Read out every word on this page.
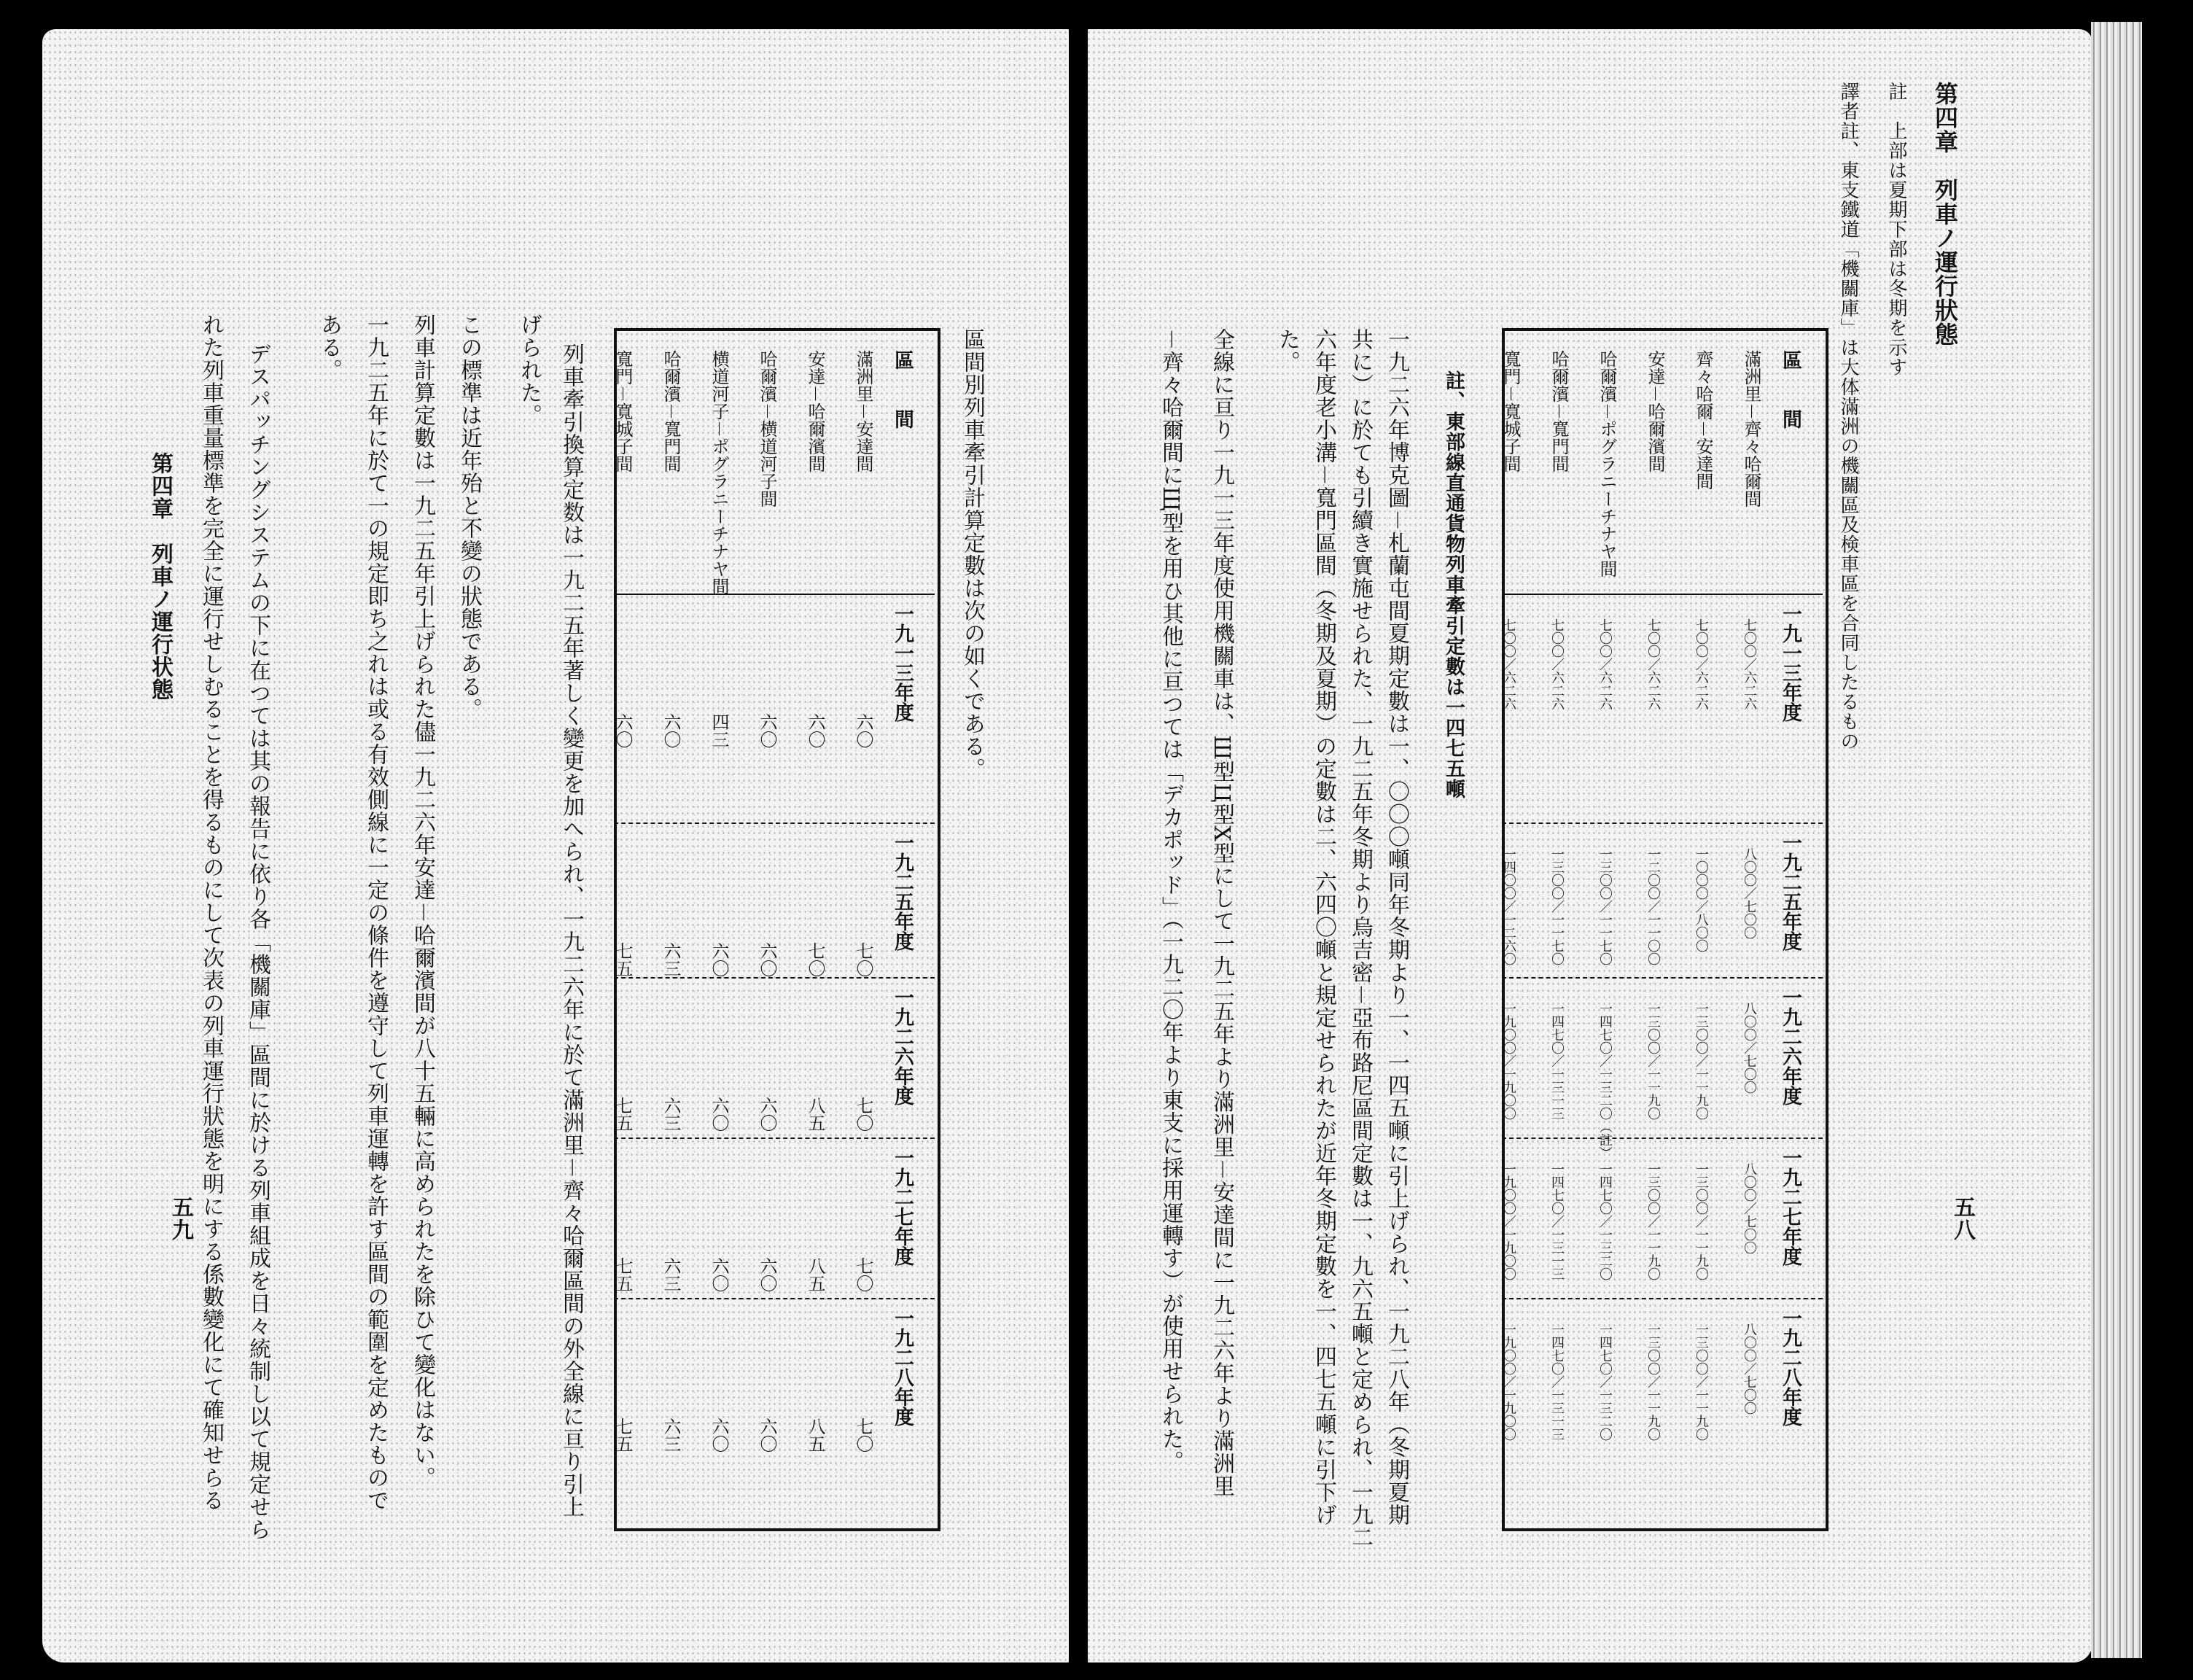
第四章　列車ノ運行狀態
五八
註　上部は夏期下部は冬期を示す
譯者註、東支鐵道「機關庫」は大体滿洲の機關區及検車區を合同したるもの
區　　間
一九一三年度
一九二五年度
一九二六年度
一九二七年度
一九二八年度
滿洲里－齊々哈爾間
七〇〇／六二六
八〇〇／七〇〇
八〇〇／七〇〇
八〇〇／七〇〇
八〇〇／七〇〇
齊々哈爾－安達間
七〇〇／六二六
一〇〇〇／八〇〇
一三〇〇／一一九〇
一三〇〇／一一九〇
一三〇〇／一一九〇
安達－哈爾濱間
七〇〇／六二六
一二〇〇／一一〇〇
一三〇〇／一一九〇
一三〇〇／一一九〇
一三〇〇／一一九〇
哈爾濱－ポグラニーチナヤ間
七〇〇／六二六
一三〇〇／一一七〇
一四七〇／一三二〇（註）
一四七〇／一三二〇
一四七〇／一三二〇
哈爾濱－寬門間
七〇〇／六二六
一三〇〇／一一七〇
一四七〇／一三一三
一四七〇／一三一三
一四七〇／一三一三
寬門－寬城子間
七〇〇／六二六
一四〇〇／一二六〇
一九〇〇／一九〇〇
一九〇〇／一九〇〇
一九〇〇／一九〇〇
註、東部線直通貨物列車牽引定數は一四七五噸
一九二六年博克圖－札蘭屯間夏期定數は一、〇〇〇噸同年冬期より一、一四五噸に引上げられ、一九二八年（冬期夏期
共に）に於ても引續き實施せられた、一九二五年冬期より烏吉密－亞布路尼區間定數は一、九六五噸と定められ、一九二
六年度老小溝－寬門區間（冬期及夏期）の定數は二、六四〇噸と規定せられたが近年冬期定數を一、四七五噸に引下げ
た。
全線に亘り一九一三年度使用機關車は、Ш型Ц型Х型にして一九二五年より滿洲里－安達間に一九二六年より滿洲里
－齊々哈爾間にЩ型を用ひ其他に亘つては「デカポッド」（一九二〇年より東支に採用運轉す）が使用せられた。
區間別列車牽引計算定數は次の如くである。
區　　間
一九一三年度
一九二五年度
一九二六年度
一九二七年度
一九二八年度
滿洲里－安達間
六〇
七〇
七〇
七〇
七〇
安達－哈爾濱間
六〇
七〇
八五
八五
八五
哈爾濱－横道河子間
六〇
六〇
六〇
六〇
六〇
横道河子－ポグラニーチナヤ間
四三
六〇
六〇
六〇
六〇
哈爾濱－寬門間
六〇
六三
六三
六三
六三
寬門－寬城子間
六〇
七五
七五
七五
七五
列車牽引換算定数は一九二五年著しく變更を加へられ、一九二六年に於て滿洲里－齊々哈爾區間の外全線に亘り引上
げられた。
この標準は近年殆と不變の狀態である。
列車計算定數は一九二五年引上げられた儘一九二六年安達－哈爾濱間が八十五輛に高められたを除ひて變化はない。
一九二五年に於て一の規定即ち之れは或る有效側線に一定の條件を遵守して列車運轉を許す區間の範圍を定めたもので
ある。
デスパッチングシステムの下に在つては其の報告に依り各「機關庫」區間に於ける列車組成を日々統制し以て規定せら
れた列車重量標準を完全に運行せしむることを得るものにして次表の列車運行狀態を明にする係數變化にて確知せらる
第四章　列車ノ運行状態
五九
